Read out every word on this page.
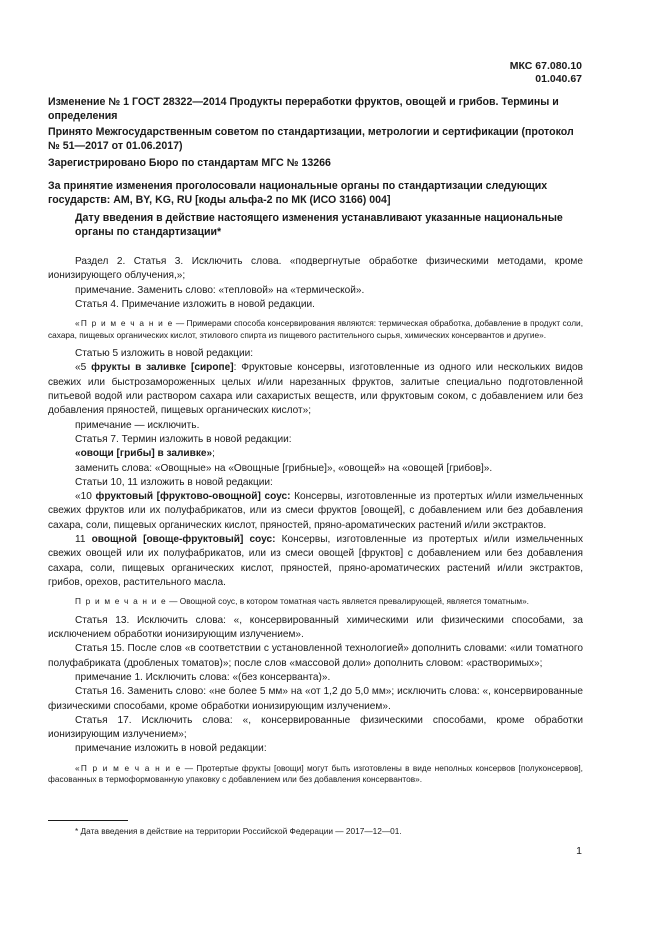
МКС 67.080.10
01.040.67

Изменение № 1 ГОСТ 28322—2014 Продукты переработки фруктов, овощей и грибов. Термины и определения

Принято Межгосударственным советом по стандартизации, метрологии и сертификации (протокол № 51—2017 от 01.06.2017)

Зарегистрировано Бюро по стандартам МГС № 13266

За принятие изменения проголосовали национальные органы по стандартизации следующих государств: AM, BY, KG, RU [коды альфа-2 по МК (ИСО 3166) 004]

Дату введения в действие настоящего изменения устанавливают указанные национальные органы по стандартизации*

Раздел 2. Статья 3. Исключить слова. «подвергнутые обработке физическими методами, кроме ионизирующего облучения,»;

примечание. Заменить слово: «тепловой» на «термической».

Статья 4. Примечание изложить в новой редакции.

«П р и м е ч а н и е — Примерами способа консервирования являются: термическая обработка, добавление в продукт соли, сахара, пищевых органических кислот, этилового спирта из пищевого растительного сырья, химических консервантов и другие».

Статью 5 изложить в новой редакции:

«5 фрукты в заливке [сиропе]: Фруктовые консервы, изготовленные из одного или нескольких видов свежих или быстрозамороженных целых и/или нарезанных фруктов, залитые специально подготовленной питьевой водой или раствором сахара или сахаристых веществ, или фруктовым соком, с добавлением или без добавления пряностей, пищевых органических кислот»;

примечание — исключить.

Статья 7. Термин изложить в новой редакции:

«овощи [грибы] в заливке»;

заменить слова: «Овощные» на «Овощные [грибные]», «овощей» на «овощей [грибов]».

Статьи 10, 11 изложить в новой редакции:

«10 фруктовый [фруктово-овощной] соус: Консервы, изготовленные из протертых и/или измельченных свежих фруктов или их полуфабрикатов, или из смеси фруктов [овощей], с добавлением или без добавления сахара, соли, пищевых органических кислот, пряностей, пряно-ароматических растений и/или экстрактов.

11 овощной [овоще-фруктовый] соус: Консервы, изготовленные из протертых и/или измельченных свежих овощей или их полуфабрикатов, или из смеси овощей [фруктов] с добавлением или без добавления сахара, соли, пищевых органических кислот, пряностей, пряно-ароматических растений и/или экстрактов, грибов, орехов, растительного масла.

П р и м е ч а н и е — Овощной соус, в котором томатная часть является превалирующей, является томатным».

Статья 13. Исключить слова: «, консервированный химическими или физическими способами, за исключением обработки ионизирующим излучением».

Статья 15. После слов «в соответствии с установленной технологией» дополнить словами: «или томатного полуфабриката (дробленых томатов)»; после слов «массовой доли» дополнить словом: «растворимых»;

примечание 1. Исключить слова: «(без консерванта)».

Статья 16. Заменить слово: «не более 5 мм» на «от 1,2 до 5,0 мм»; исключить слова: «, консервированные физическими способами, кроме обработки ионизирующим излучением».

Статья 17. Исключить слова: «, консервированные физическими способами, кроме обработки ионизирующим излучением»;

примечание изложить в новой редакции:

«П р и м е ч а н и е — Протертые фрукты [овощи] могут быть изготовлены в виде неполных консервов [полуконсервов], фасованных в термоформованную упаковку с добавлением или без добавления консервантов».

* Дата введения в действие на территории Российской Федерации — 2017—12—01.
1
